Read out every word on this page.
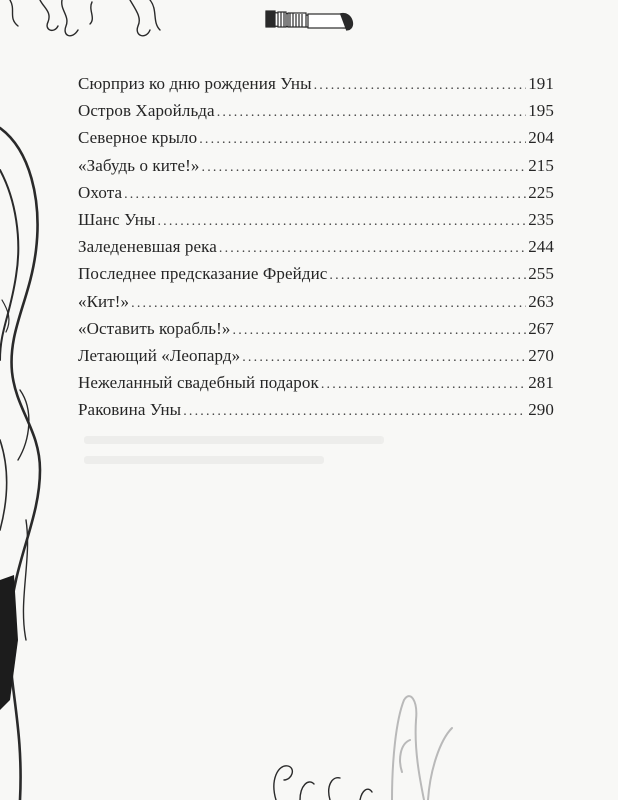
Сюрприз ко дню рождения Уны .....	191
Остров Харойльда .....	195
Северное крыло .....	204
«Забудь о ките!» .....	215
Охота .....	225
Шанс Уны .....	235
Заледеневшая река .....	244
Последнее предсказание Фрейдис .....	255
«Кит!» .....	263
«Оставить корабль!» .....	267
Летающий «Леопард» .....	270
Нежеланный свадебный подарок .....	281
Раковина Уны .....	290
